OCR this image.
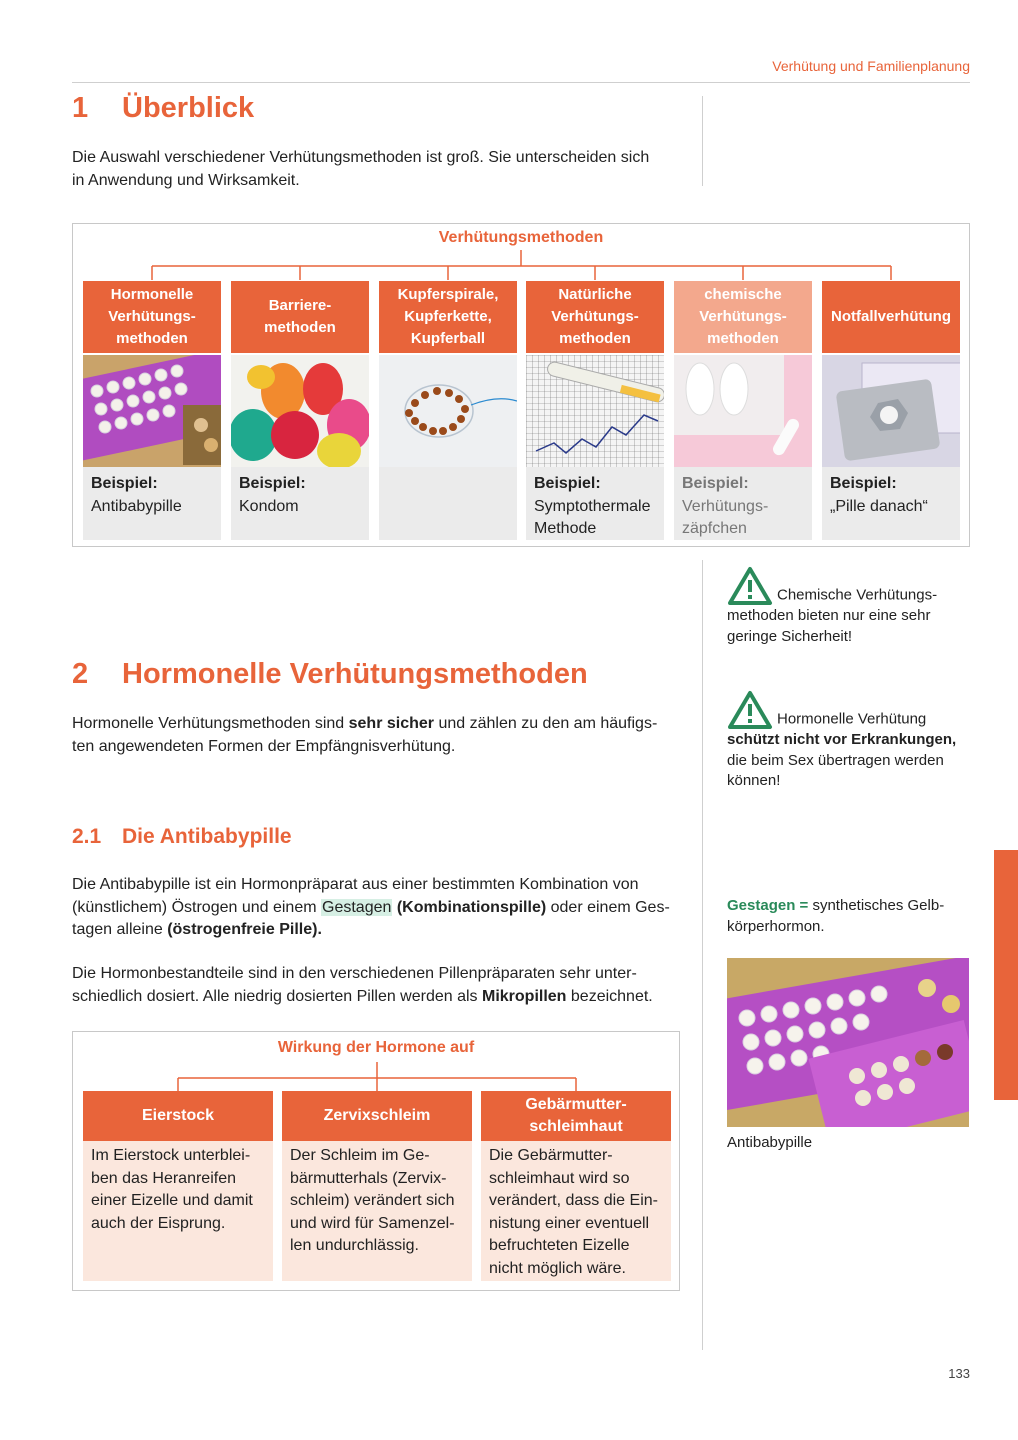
Verhütung und Familienplanung
1 Überblick
Die Auswahl verschiedener Verhütungsmethoden ist groß. Sie unterscheiden sich
in Anwendung und Wirksamkeit.
Verhütungsmethoden
Hormonelle
Verhütungs-
methoden
Beispiel:
Antibabypille
Barriere-
methoden
Beispiel:
Kondom
Kupferspirale,
Kupferkette,
Kupferball
Natürliche
Verhütungs-
methoden
Beispiel:
Symptothermale
Methode
chemische
Verhütungs-
methoden
Beispiel:
Verhütungs-
zäpfchen
Notfallverhütung
Beispiel:
„Pille danach“
2 Hormonelle Verhütungsmethoden
Hormonelle Verhütungsmethoden sind sehr sicher und zählen zu den am häufigs-
ten angewendeten Formen der Empfängnisverhütung.
2.1 Die Antibabypille
Die Antibabypille ist ein Hormonpräparat aus einer bestimmten Kombination von
(künstlichem) Östrogen und einem Gestagen (Kombinationspille) oder einem Ges-
tagen alleine (östrogenfreie Pille).
Die Hormonbestandteile sind in den verschiedenen Pillenpräparaten sehr unter-
schiedlich dosiert. Alle niedrig dosierten Pillen werden als Mikropillen bezeichnet.
Wirkung der Hormone auf
Eierstock
Im Eierstock unterblei-
ben das Heranreifen
einer Eizelle und damit
auch der Eisprung.
Zervixschleim
Der Schleim im Ge-
bärmutterhals (Zervix-
schleim) verändert sich
und wird für Samenzel-
len undurchlässig.
Gebärmutter-
schleimhaut
Die Gebärmutter-
schleimhaut wird so
verändert, dass die Ein-
nistung einer eventuell
befruchteten Eizelle
nicht möglich wäre.
Chemische Verhütungs-
methoden bieten nur eine sehr
geringe Sicherheit!
Hormonelle Verhütung
schützt nicht vor Erkrankungen,
die beim Sex übertragen werden
können!
Gestagen = synthetisches Gelb-
körperhormon.
Antibabypille
133
